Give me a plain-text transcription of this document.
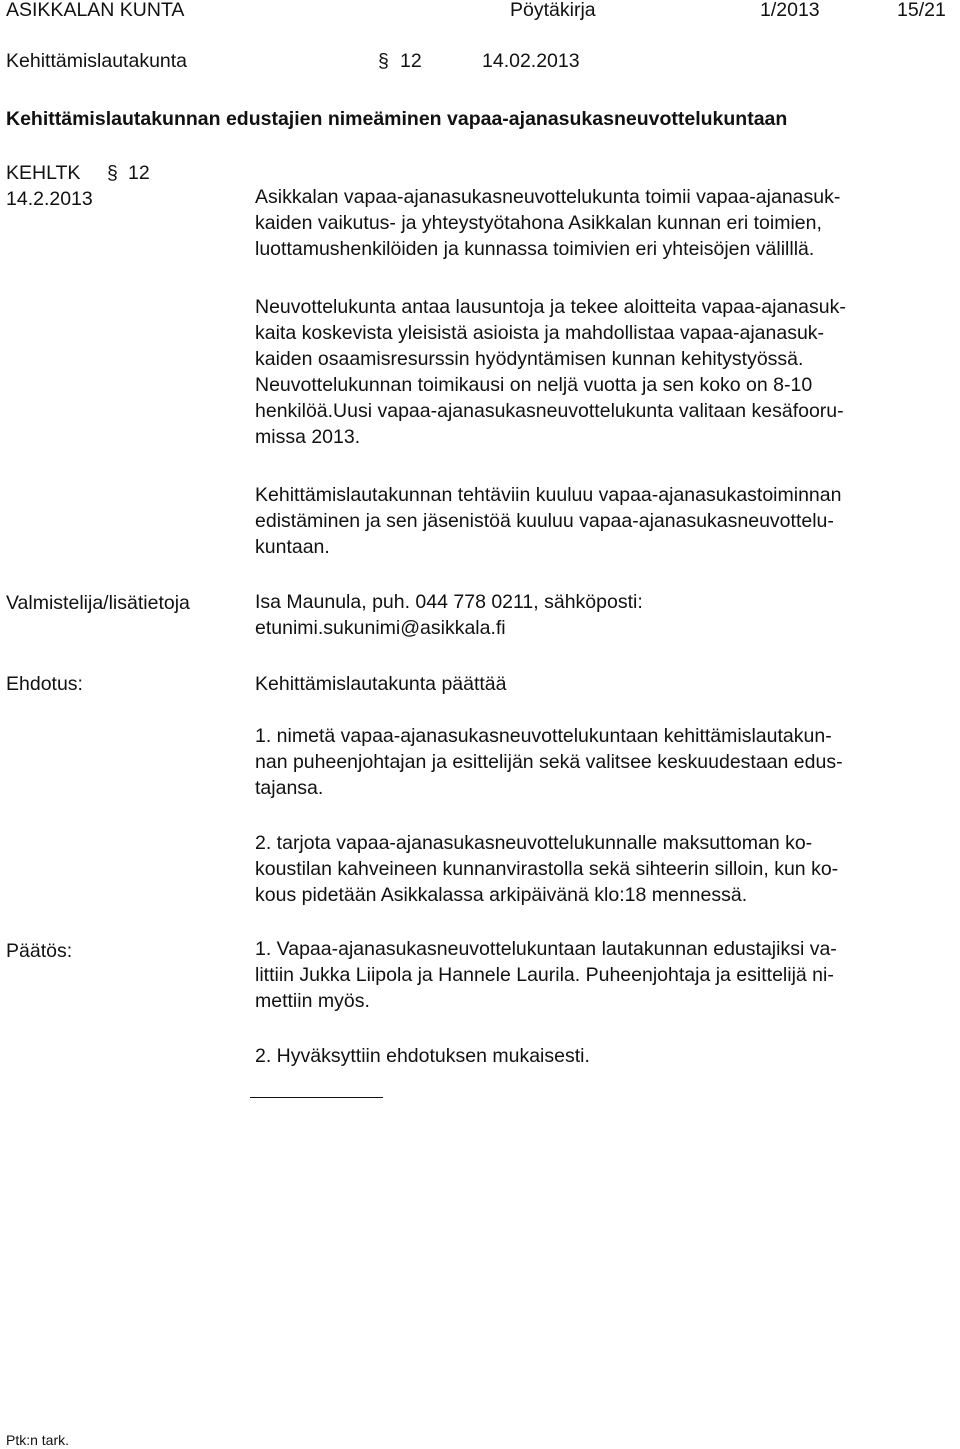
ASIKKALAN KUNTA	Pöytäkirja	1/2013	15/21
Kehittämislautakunta	§ 12	14.02.2013
Kehittämislautakunnan edustajien nimeäminen vapaa-ajanasukasneuvottelukuntaan
KEHLTK § 12
14.2.2013	Asikkalan vapaa-ajanasukasneuvottelukunta toimii vapaa-ajanasuk-
kaiden vaikutus- ja yhteystyötahona Asikkalan kunnan eri toimien,
luottamushenkilöiden ja kunnassa toimivien eri yhteisöjen välilllä.
Neuvottelukunta antaa lausuntoja ja tekee aloitteita vapaa-ajanasuk-
kaita koskevista yleisistä asioista ja mahdollistaa vapaa-ajanasuk-
kaiden osaamisresurssin hyödyntämisen kunnan kehitystyössä.
Neuvottelukunnan toimikausi on neljä vuotta ja sen koko on 8-10
henkilöä.Uusi vapaa-ajanasukasneuvottelukunta valitaan kesäfooru-
missa 2013.
Kehittämislautakunnan tehtäviin kuuluu vapaa-ajanasukastoiminnan
edistäminen ja sen jäsenistöä kuuluu vapaa-ajanasukasneuvottelu-
kuntaan.
Valmistelija/lisätietoja	Isa Maunula, puh. 044 778 0211, sähköposti:
etunimi.sukunimi@asikkala.fi
Ehdotus:	Kehittämislautakunta päättää
1. nimetä vapaa-ajanasukasneuvottelukuntaan kehittämislautakun-
nan puheenjohtajan ja esittelijän sekä valitsee keskuudestaan edus-
tajansa.
2. tarjota vapaa-ajanasukasneuvottelukunnalle maksuttoman ko-
koustilan kahveineen kunnanvirastolla sekä sihteerin silloin, kun ko-
kous pidetään Asikkalassa arkipäivänä klo:18 mennessä.
Päätös:	1. Vapaa-ajanasukasneuvottelukuntaan lautakunnan edustajiksi va-
littiin Jukka Liipola ja Hannele Laurila. Puheenjohtaja ja esittelijä ni-
mettiin myös.
2. Hyväksyttiin ehdotuksen mukaisesti.
Ptk:n tark.
